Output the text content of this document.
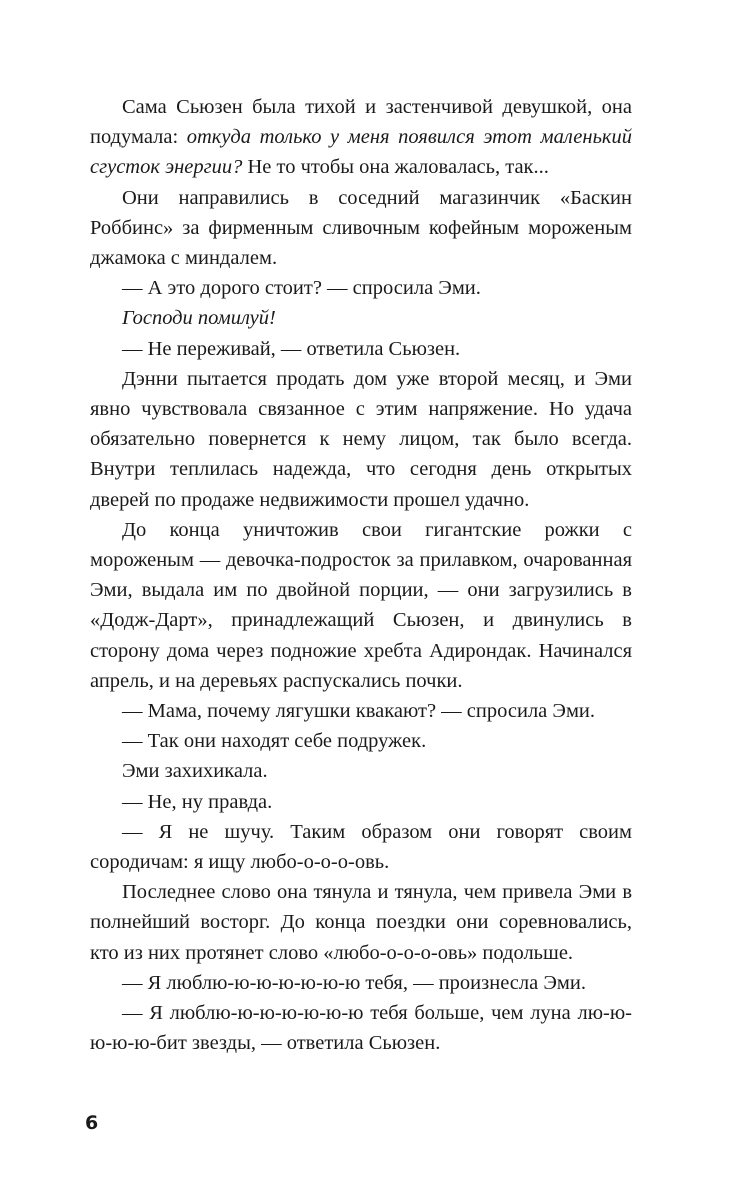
Сама Сьюзен была тихой и застенчивой девушкой, она подумала: откуда только у меня появился этот маленький сгусток энергии? Не то чтобы она жаловалась, так...

Они направились в соседний магазинчик «Баскин Роббинс» за фирменным сливочным кофейным мороженым джамока с миндалем.

— А это дорого стоит? — спросила Эми.

Господи помилуй!

— Не переживай, — ответила Сьюзен.

Дэнни пытается продать дом уже второй месяц, и Эми явно чувствовала связанное с этим напряжение. Но удача обязательно повернется к нему лицом, так было всегда. Внутри теплилась надежда, что сегодня день открытых дверей по продаже недвижимости прошел удачно.

До конца уничтожив свои гигантские рожки с мороженым — девочка-подросток за прилавком, очарованная Эми, выдала им по двойной порции, — они загрузились в «Додж-Дарт», принадлежащий Сьюзен, и двинулись в сторону дома через подножие хребта Адирондак. Начинался апрель, и на деревьях распускались почки.

— Мама, почему лягушки квакают? — спросила Эми.

— Так они находят себе подружек.

Эми захихикала.

— Не, ну правда.

— Я не шучу. Таким образом они говорят своим сородичам: я ищу любо-о-о-о-овь.

Последнее слово она тянула и тянула, чем привела Эми в полнейший восторг. До конца поездки они соревновались, кто из них протянет слово «любо-о-о-о-овь» подольше.

— Я люблю-ю-ю-ю-ю-ю-ю тебя, — произнесла Эми.

— Я люблю-ю-ю-ю-ю-ю-ю тебя больше, чем луна лю-ю-ю-ю-ю-бит звезды, — ответила Сьюзен.

6
